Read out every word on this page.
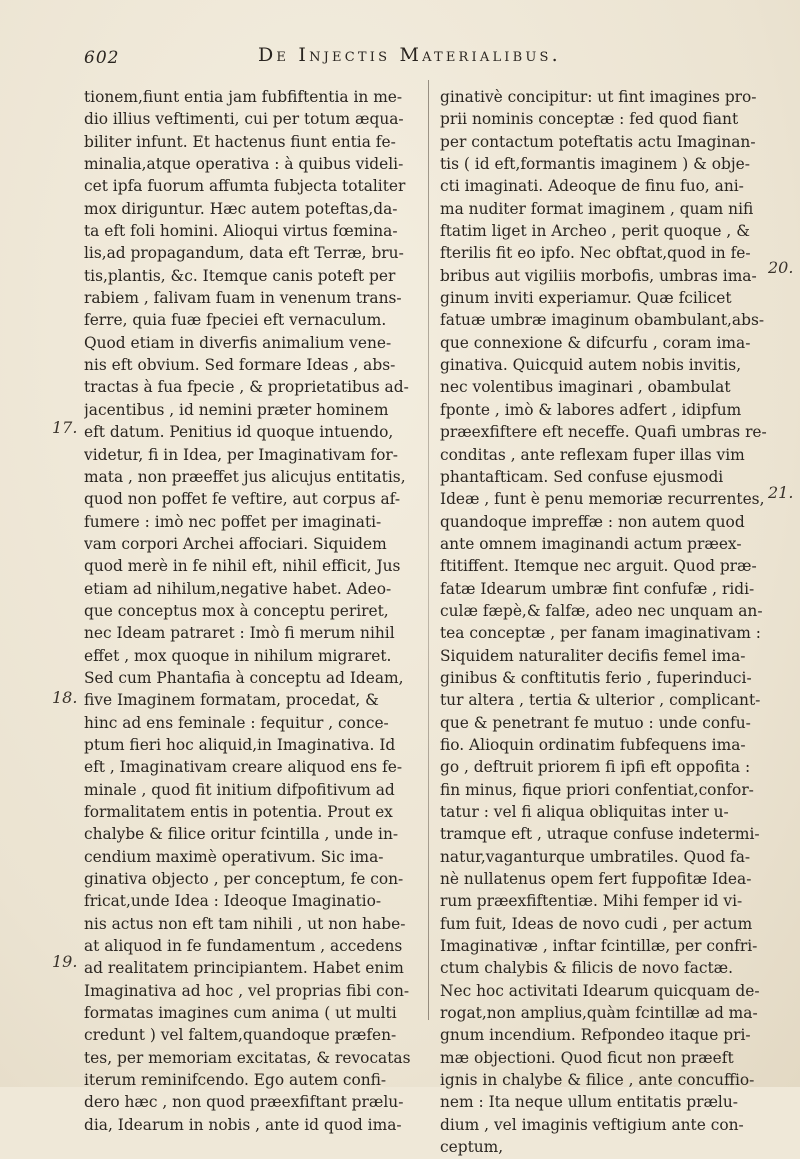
602	De Injectis Materialibus.
17.
18.
19.
20.
21.
tionem,fiunt entia jam fubfiftentia in me-
dio illius veftimenti, cui per totum æqua-
biliter infunt. Et hactenus fiunt entia fe-
minalia,atque operativa : à quibus videli-
cet ipfa fuorum affumta fubjecta totaliter
mox diriguntur. Hæc autem poteftas,da-
ta eft foli homini. Alioqui virtus fœmina-
lis,ad propagandum, data eft Terræ, bru-
tis,plantis, &c. Itemque canis poteft per
rabiem , falivam fuam in venenum trans-
ferre, quia fuæ fpeciei eft vernaculum.
Quod etiam in diverfis animalium vene-
nis eft obvium. Sed formare Ideas , abs-
tractas à fua fpecie , & proprietatibus ad-
jacentibus , id nemini præter hominem
eft datum. Penitius id quoque intuendo,
videtur, fi in Idea, per Imaginativam for-
mata , non præeffet jus alicujus entitatis,
quod non poffet fe veftire, aut corpus af-
fumere : imò nec poffet per imaginati-
vam corpori Archei affociari. Siquidem
quod merè in fe nihil eft, nihil efficit, Jus
etiam ad nihilum,negative habet. Adeo-
que conceptus mox à conceptu periret,
nec Ideam patraret : Imò fi merum nihil
effet , mox quoque in nihilum migraret.
Sed cum Phantafia à conceptu ad Ideam,
five Imaginem formatam, procedat, &
hinc ad ens feminale : fequitur , conce-
ptum fieri hoc aliquid,in Imaginativa. Id
eft , Imaginativam creare aliquod ens fe-
minale , quod fit initium difpofitivum ad
formalitatem entis in potentia. Prout ex
chalybe & filice oritur fcintilla , unde in-
cendium maximè operativum. Sic ima-
ginativa objecto , per conceptum, fe con-
fricat,unde Idea : Ideoque Imaginatio-
nis actus non eft tam nihili , ut non habe-
at aliquod in fe fundamentum , accedens
ad realitatem principiantem. Habet enim
Imaginativa ad hoc , vel proprias fibi con-
formatas imagines cum anima ( ut multi
credunt ) vel faltem,quandoque præfen-
tes, per memoriam excitatas, & revocatas
iterum reminifcendo. Ego autem confi-
dero hæc , non quod præexfiftant prælu-
dia, Idearum in nobis , ante id quod ima-
ginativè concipitur: ut fint imagines pro-
prii nominis conceptæ : fed quod fiant
per contactum poteftatis actu Imaginan-
tis ( id eft,formantis imaginem ) & obje-
cti imaginati. Adeoque de finu fuo, ani-
ma nuditer format imaginem , quam nifi
ftatim liget in Archeo , perit quoque , &
fterilis fit eo ipfo. Nec obftat,quod in fe-
bribus aut vigiliis morbofis, umbras ima-
ginum inviti experiamur. Quæ fcilicet
fatuæ umbræ imaginum obambulant,abs-
que connexione & difcurfu , coram ima-
ginativa. Quicquid autem nobis invitis,
nec volentibus imaginari , obambulat
fponte , imò & labores adfert , idipfum
præexfiftere eft neceffe. Quafi umbras re-
conditas , ante reflexam fuper illas vim
phantafticam. Sed confuse ejusmodi
Ideæ , funt è penu memoriæ recurrentes,
quandoque impreffæ : non autem quod
ante omnem imaginandi actum præex-
ftitiffent. Itemque nec arguit. Quod præ-
fatæ Idearum umbræ fint confufæ , ridi-
culæ fæpè,& falfæ, adeo nec unquam an-
tea conceptæ , per fanam imaginativam :
Siquidem naturaliter decifis femel ima-
ginibus & conftitutis ferio , fuperinduci-
tur altera , tertia & ulterior , complicant-
que & penetrant fe mutuo : unde confu-
fio. Alioquin ordinatim fubfequens ima-
go , deftruit priorem fi ipfi eft oppofita :
fin minus, fique priori confentiat,confor-
tatur : vel fi aliqua obliquitas inter u-
tramque eft , utraque confuse indetermi-
natur,vaganturque umbratiles. Quod fa-
nè nullatenus opem fert fuppofitæ Idea-
rum præexfiftentiæ. Mihi femper id vi-
fum fuit, Ideas de novo cudi , per actum
Imaginativæ , inftar fcintillæ, per confri-
ctum chalybis & filicis de novo factæ.
Nec hoc activitati Idearum quicquam de-
rogat,non amplius,quàm fcintillæ ad ma-
gnum incendium. Refpondeo itaque pri-
mæ objectioni. Quod ficut non præeft
ignis in chalybe & filice , ante concuffio-
nem : Ita neque ullum entitatis prælu-
dium , vel imaginis veftigium ante con-
ceptum,
